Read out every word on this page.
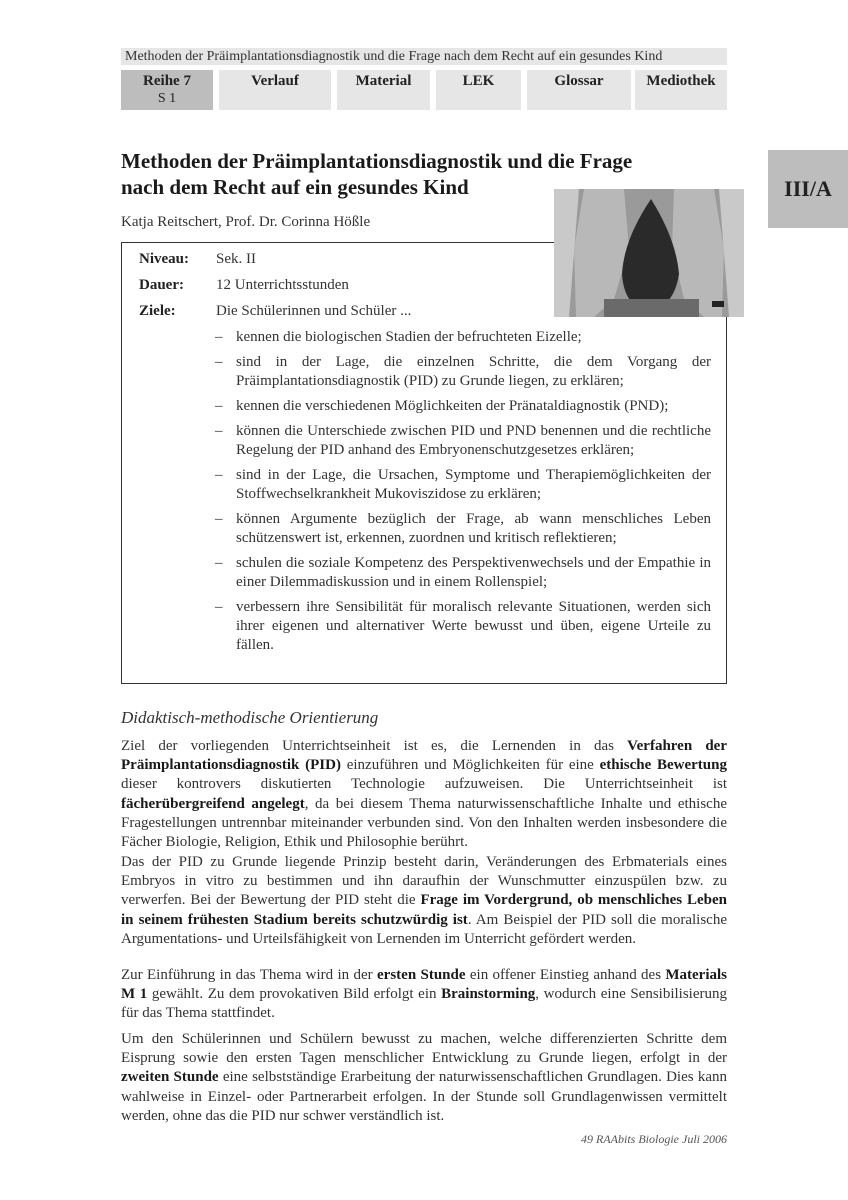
Methoden der Präimplantationsdiagnostik und die Frage nach dem Recht auf ein gesundes Kind
Reihe 7
S 1
Verlauf	Material	LEK	Glossar	Mediothek
III/A
Methoden der Präimplantationsdiagnostik und die Frage
nach dem Recht auf ein gesundes Kind
Katja Reitschert, Prof. Dr. Corinna Hößle
Niveau: Sek. II
Dauer: 12 Unterrichtsstunden
Ziele:	Die Schülerinnen und Schüler ...
– kennen die biologischen Stadien der befruchteten Eizelle;
– sind in der Lage, die einzelnen Schritte, die dem Vorgang der Präimplantationsdiagnostik (PID) zu Grunde liegen, zu erklären;
– kennen die verschiedenen Möglichkeiten der Pränataldiagnostik (PND);
– können die Unterschiede zwischen PID und PND benennen und die rechtliche Regelung der PID anhand des Embryonenschutzgesetzes erklären;
– sind in der Lage, die Ursachen, Symptome und Therapiemöglichkeiten der Stoffwechselkrankheit Mukoviszidose zu erklären;
– können Argumente bezüglich der Frage, ab wann menschliches Leben schützenswert ist, erkennen, zuordnen und kritisch reflektieren;
– schulen die soziale Kompetenz des Perspektivenwechsels und der Empathie in einer Dilemmadiskussion und in einem Rollenspiel;
– verbessern ihre Sensibilität für moralisch relevante Situationen, werden sich ihrer eigenen und alternativer Werte bewusst und üben, eigene Urteile zu fällen.
Didaktisch-methodische Orientierung

Ziel der vorliegenden Unterrichtseinheit ist es, die Lernenden in das Verfahren der Präimplantationsdiagnostik (PID) einzuführen und Möglichkeiten für eine ethische Bewertung dieser kontrovers diskutierten Technologie aufzuweisen. Die Unterrichtseinheit ist fächerübergreifend angelegt, da bei diesem Thema naturwissenschaftliche Inhalte und ethische Fragestellungen untrennbar miteinander verbunden sind. Von den Inhalten werden insbesondere die Fächer Biologie, Religion, Ethik und Philosophie berührt.

Das der PID zu Grunde liegende Prinzip besteht darin, Veränderungen des Erbmaterials eines Embryos in vitro zu bestimmen und ihn daraufhin der Wunschmutter einzuspülen bzw. zu verwerfen. Bei der Bewertung der PID steht die Frage im Vordergrund, ob menschliches Leben in seinem frühesten Stadium bereits schutzwürdig ist. Am Beispiel der PID soll die moralische Argumentations- und Urteilsfähigkeit von Lernenden im Unterricht gefördert werden.

Zur Einführung in das Thema wird in der ersten Stunde ein offener Einstieg anhand des Materials M 1 gewählt. Zu dem provokativen Bild erfolgt ein Brainstorming, wodurch eine Sensibilisierung für das Thema stattfindet.

Um den Schülerinnen und Schülern bewusst zu machen, welche differenzierten Schritte dem Eisprung sowie den ersten Tagen menschlicher Entwicklung zu Grunde liegen, erfolgt in der zweiten Stunde eine selbstständige Erarbeitung der naturwissenschaftlichen Grundlagen. Dies kann wahlweise in Einzel- oder Partnerarbeit erfolgen. In der Stunde soll Grundlagenwissen vermittelt werden, ohne das die PID nur schwer verständlich ist.

49 RAAbits Biologie Juli 2006
